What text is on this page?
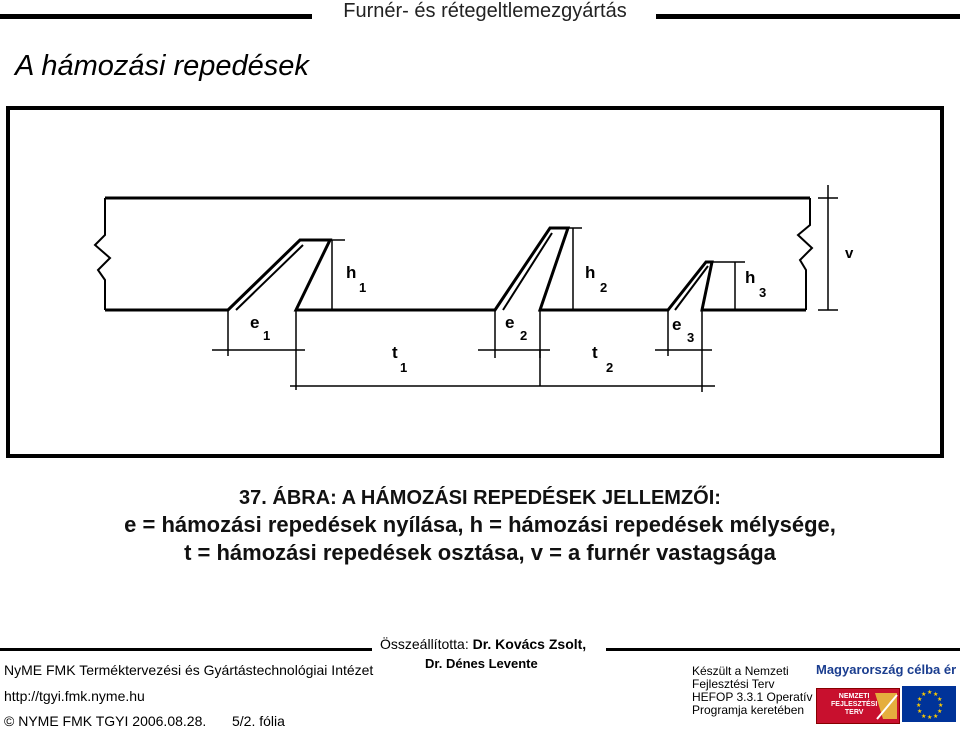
Furnér- és rétegeltlemezgyártás
A hámozási repedések
v
h
1
h
2
h
3
e
1
e
2
e
3
t
1
t
2
37. ÁBRA: A HÁMOZÁSI REPEDÉSEK JELLEMZŐI:
e = hámozási repedések nyílása, h = hámozási repedések mélysége,
t = hámozási repedések osztása, v = a furnér vastagsága
Összeállította: Dr. Kovács Zsolt,
Dr. Dénes Levente
NyME FMK Terméktervezési és Gyártástechnológiai Intézet
http://tgyi.fmk.nyme.hu
© NYME FMK TGYI 2006.08.28. 5/2. fólia
Készült a Nemzeti
Fejlesztési Terv
HEFOP 3.3.1 Operatív
Programja keretében
Magyarország célba ér
NEMZETI
FEJLESZTÉSI
TERV
★ ★
★
★
★
★
★
★
★
★
★
★
